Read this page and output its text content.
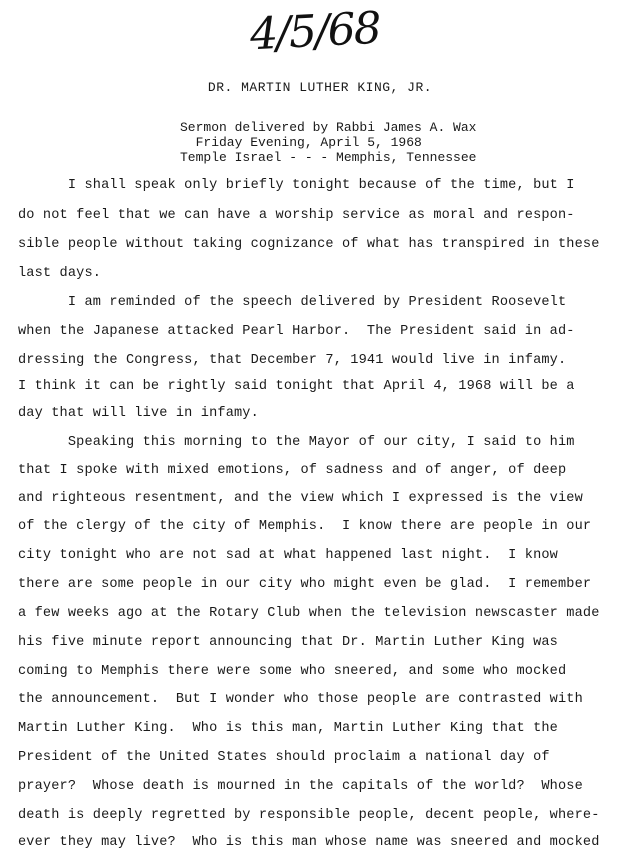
4/5/68
DR. MARTIN LUTHER KING, JR.
Sermon delivered by Rabbi James A. Wax
Friday Evening, April 5, 1968
Temple Israel - - - Memphis, Tennessee
I shall speak only briefly tonight because of the time, but I
do not feel that we can have a worship service as moral and respon-
sible people without taking cognizance of what has transpired in these
last days.
I am reminded of the speech delivered by President Roosevelt
when the Japanese attacked Pearl Harbor.  The President said in ad-
dressing the Congress, that December 7, 1941 would live in infamy.
I think it can be rightly said tonight that April 4, 1968 will be a
day that will live in infamy.
Speaking this morning to the Mayor of our city, I said to him
that I spoke with mixed emotions, of sadness and of anger, of deep
and righteous resentment, and the view which I expressed is the view
of the clergy of the city of Memphis.  I know there are people in our
city tonight who are not sad at what happened last night.  I know
there are some people in our city who might even be glad.  I remember
a few weeks ago at the Rotary Club when the television newscaster made
his five minute report announcing that Dr. Martin Luther King was
coming to Memphis there were some who sneered, and some who mocked
the announcement.  But I wonder who those people are contrasted with
Martin Luther King.  Who is this man, Martin Luther King that the
President of the United States should proclaim a national day of
prayer?  Whose death is mourned in the capitals of the world?  Whose
death is deeply regretted by responsible people, decent people, where-
ever they may live?  Who is this man whose name was sneered and mocked
